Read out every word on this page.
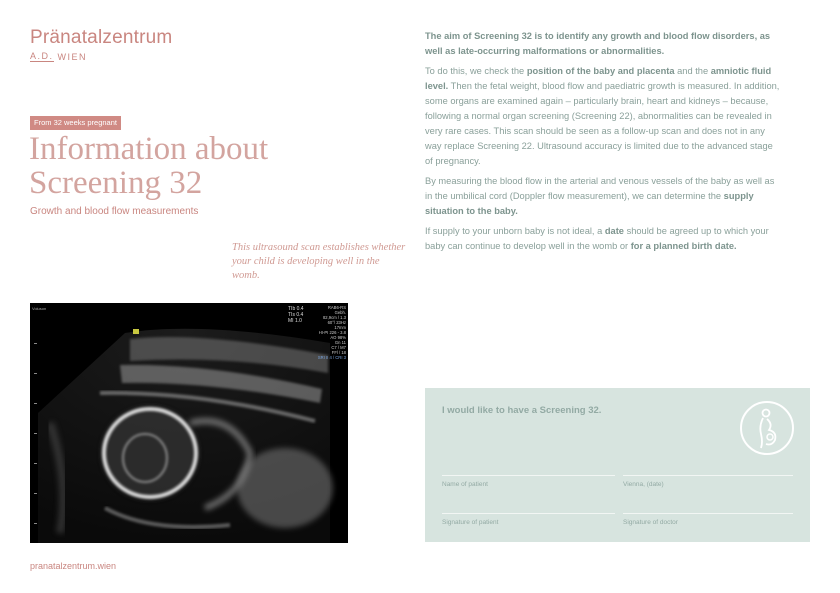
Pränatalzentrum
A.D. WIEN
From 32 weeks pregnant
Information about Screening 32
Growth and blood flow measurements
This ultrasound scan establishes whether your child is developing well in the womb.
Voluson	TIb 0.4
TIs 0.4
MI 1.0
RAB6-RS
Gebh.
82,9cm / 1.3
60°/ 23Hz
17mm
HI-PI 226 - 3.8
AO 98%
Gn 11
C7 / M7
FFl / 18
SRI II 4 / CRI 3
pranatalzentrum.wien

The aim of Screening 32 is to identify any growth and blood flow disorders, as well as late-occurring malformations or abnormalities.

To do this, we check the position of the baby and placenta and the amniotic fluid level. Then the fetal weight, blood flow and paediatric growth is measured. In addition, some organs are examined again – particularly brain, heart and kidneys – because, following a normal organ screening (Screening 22), abnormalities can be revealed in very rare cases. This scan should be seen as a follow-up scan and does not in any way replace Screening 22. Ultrasound accuracy is limited due to the advanced stage of pregnancy.

By measuring the blood flow in the arterial and venous vessels of the baby as well as in the umbilical cord (Doppler flow measurement), we can determine the supply situation to the baby.

If supply to your unborn baby is not ideal, a date should be agreed up to which your baby can continue to develop well in the womb or for a planned birth date.

I would like to have a Screening 32.
Name of patient	Vienna, (date)
Signature of patient	Signature of doctor
